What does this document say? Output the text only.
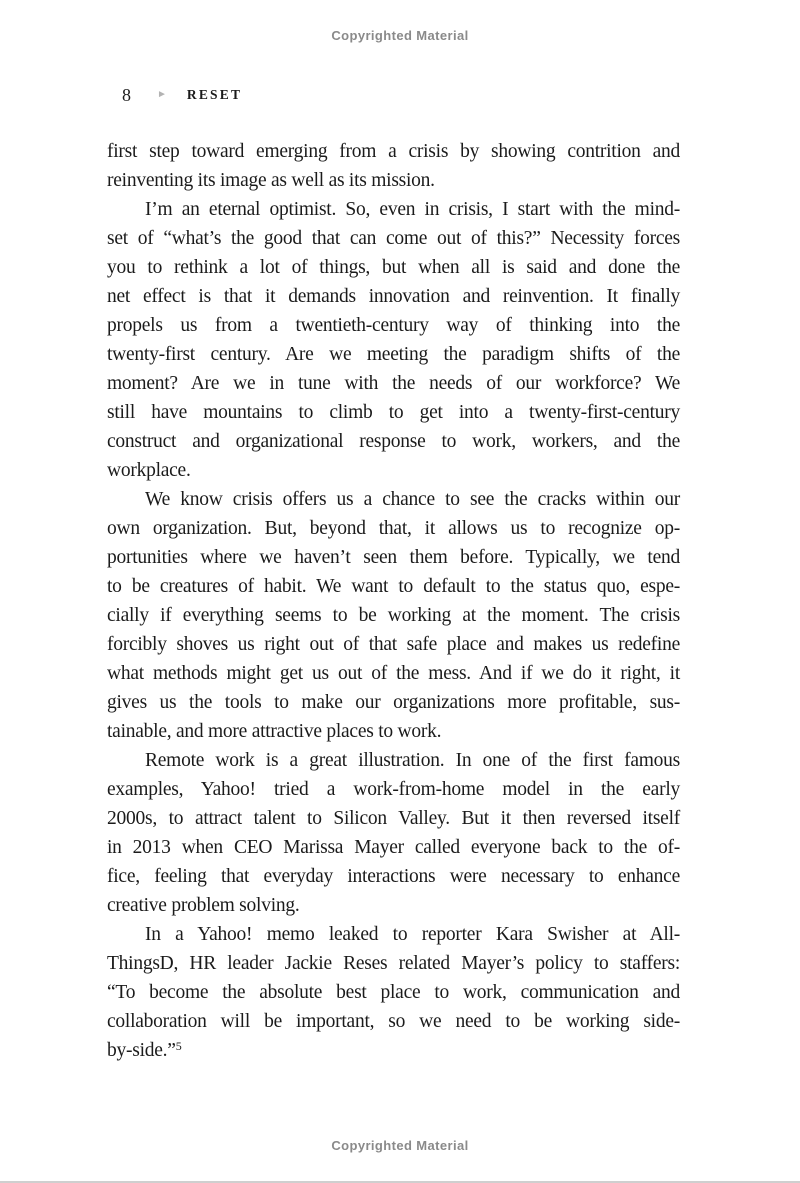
Copyrighted Material
8	► RESET
first step toward emerging from a crisis by showing contrition and
reinventing its image as well as its mission.
I’m an eternal optimist. So, even in crisis, I start with the mind-
set of “what’s the good that can come out of this?” Necessity forces
you to rethink a lot of things, but when all is said and done the
net effect is that it demands innovation and reinvention. It finally
propels us from a twentieth-century way of thinking into the
twenty-first century. Are we meeting the paradigm shifts of the
moment? Are we in tune with the needs of our workforce? We
still have mountains to climb to get into a twenty-first-century
construct and organizational response to work, workers, and the
workplace.
We know crisis offers us a chance to see the cracks within our
own organization. But, beyond that, it allows us to recognize op-
portunities where we haven’t seen them before. Typically, we tend
to be creatures of habit. We want to default to the status quo, espe-
cially if everything seems to be working at the moment. The crisis
forcibly shoves us right out of that safe place and makes us redefine
what methods might get us out of the mess. And if we do it right, it
gives us the tools to make our organizations more profitable, sus-
tainable, and more attractive places to work.
Remote work is a great illustration. In one of the first famous
examples, Yahoo! tried a work-from-home model in the early
2000s, to attract talent to Silicon Valley. But it then reversed itself
in 2013 when CEO Marissa Mayer called everyone back to the of-
fice, feeling that everyday interactions were necessary to enhance
creative problem solving.
In a Yahoo! memo leaked to reporter Kara Swisher at All-
ThingsD, HR leader Jackie Reses related Mayer’s policy to staffers:
“To become the absolute best place to work, communication and
collaboration will be important, so we need to be working side-
by-side.”$^5$
Copyrighted Material
